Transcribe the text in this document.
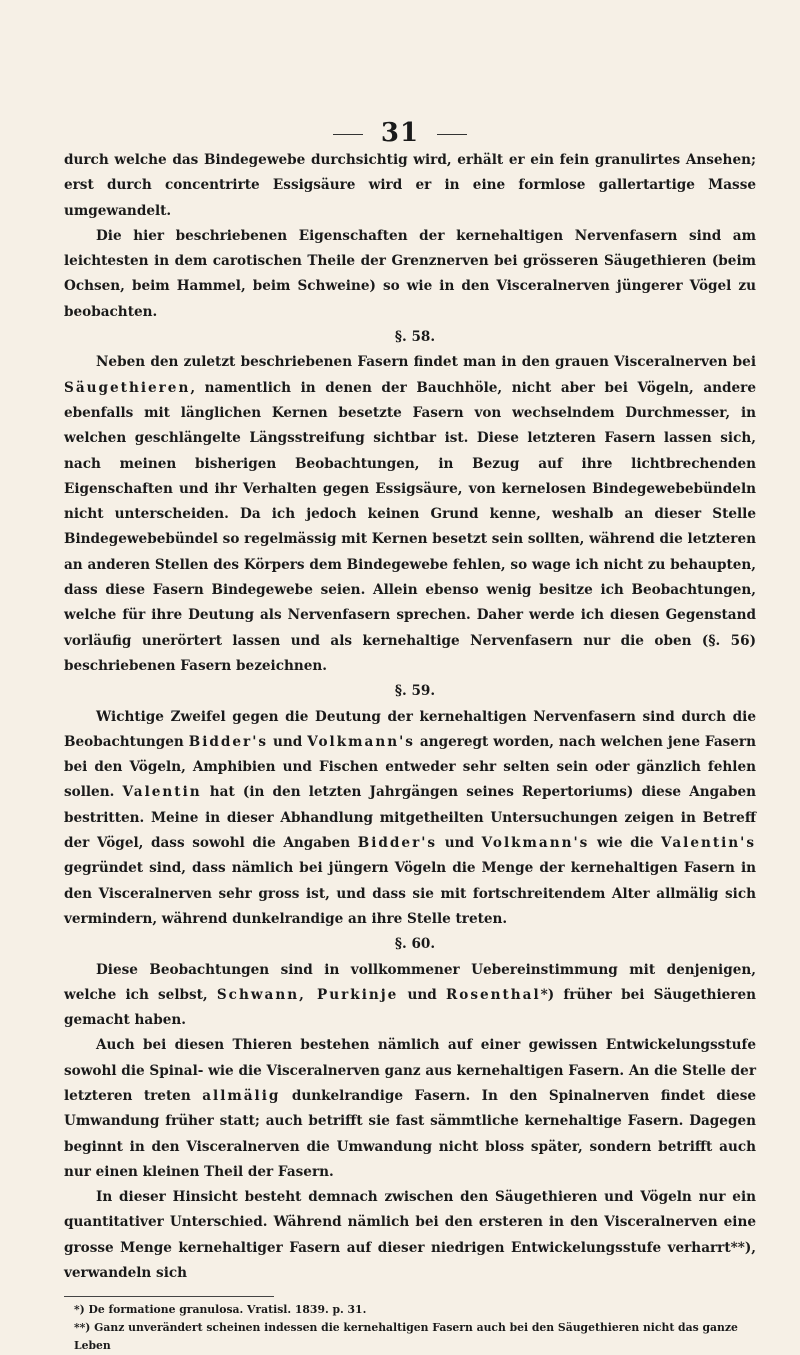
31

durch welche das Bindegewebe durchsichtig wird, erhält er ein fein granulirtes Ansehen; erst durch concentrirte Essigsäure wird er in eine formlose gallertartige Masse umgewandelt.

Die hier beschriebenen Eigenschaften der kernehaltigen Nervenfasern sind am leichtesten in dem carotischen Theile der Grenznerven bei grösseren Säugethieren (beim Ochsen, beim Hammel, beim Schweine) so wie in den Visceralnerven jüngerer Vögel zu beobachten.

§. 58.

Neben den zuletzt beschriebenen Fasern findet man in den grauen Visceralnerven bei Säugethieren, namentlich in denen der Bauchhöle, nicht aber bei Vögeln, andere ebenfalls mit länglichen Kernen besetzte Fasern von wechselndem Durchmesser, in welchen geschlängelte Längsstreifung sichtbar ist. Diese letzteren Fasern lassen sich, nach meinen bisherigen Beobachtungen, in Bezug auf ihre lichtbrechenden Eigenschaften und ihr Verhalten gegen Essigsäure, von kernelosen Bindegewebebündeln nicht unterscheiden. Da ich jedoch keinen Grund kenne, weshalb an dieser Stelle Bindegewebebündel so regelmässig mit Kernen besetzt sein sollten, während die letzteren an anderen Stellen des Körpers dem Bindegewebe fehlen, so wage ich nicht zu behaupten, dass diese Fasern Bindegewebe seien. Allein ebenso wenig besitze ich Beobachtungen, welche für ihre Deutung als Nervenfasern sprechen. Daher werde ich diesen Gegenstand vorläufig unerörtert lassen und als kernehaltige Nervenfasern nur die oben (§. 56) beschriebenen Fasern bezeichnen.

§. 59.

Wichtige Zweifel gegen die Deutung der kernehaltigen Nervenfasern sind durch die Beobachtungen Bidder's und Volkmann's angeregt worden, nach welchen jene Fasern bei den Vögeln, Amphibien und Fischen entweder sehr selten sein oder gänzlich fehlen sollen. Valentin hat (in den letzten Jahrgängen seines Repertoriums) diese Angaben bestritten. Meine in dieser Abhandlung mitgetheilten Untersuchungen zeigen in Betreff der Vögel, dass sowohl die Angaben Bidder's und Volkmann's wie die Valentin's gegründet sind, dass nämlich bei jüngern Vögeln die Menge der kernehaltigen Fasern in den Visceralnerven sehr gross ist, und dass sie mit fortschreitendem Alter allmälig sich vermindern, während dunkelrandige an ihre Stelle treten.

§. 60.

Diese Beobachtungen sind in vollkommener Uebereinstimmung mit denjenigen, welche ich selbst, Schwann, Purkinje und Rosenthal*) früher bei Säugethieren gemacht haben.

Auch bei diesen Thieren bestehen nämlich auf einer gewissen Entwickelungsstufe sowohl die Spinal- wie die Visceralnerven ganz aus kernehaltigen Fasern. An die Stelle der letzteren treten allmälig dunkelrandige Fasern. In den Spinalnerven findet diese Umwandung früher statt; auch betrifft sie fast sämmtliche kernehaltige Fasern. Dagegen beginnt in den Visceralnerven die Umwandung nicht bloss später, sondern betrifft auch nur einen kleinen Theil der Fasern.

In dieser Hinsicht besteht demnach zwischen den Säugethieren und Vögeln nur ein quantitativer Unterschied. Während nämlich bei den ersteren in den Visceralnerven eine grosse Menge kernehaltiger Fasern auf dieser niedrigen Entwickelungsstufe verharrt**), verwandeln sich

*) De formatione granulosa. Vratisl. 1839. p. 31.

**) Ganz unverändert scheinen indessen die kernehaltigen Fasern auch bei den Säugethieren nicht das ganze Leben
